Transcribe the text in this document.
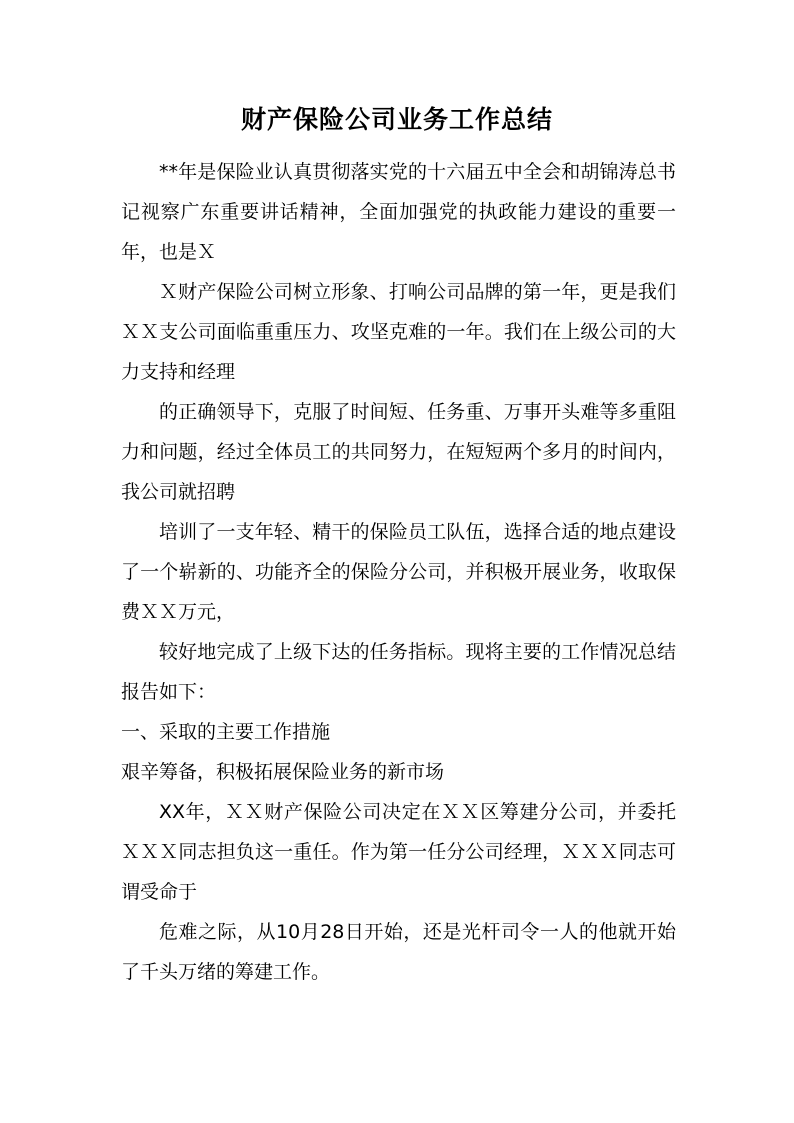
财产保险公司业务工作总结

**年是保险业认真贯彻落实党的十六届五中全会和胡锦涛总书记视察广东重要讲话精神，全面加强党的执政能力建设的重要一年，也是Ｘ

Ｘ财产保险公司树立形象、打响公司品牌的第一年，更是我们ＸＸ支公司面临重重压力、攻坚克难的一年。我们在上级公司的大力支持和经理

的正确领导下，克服了时间短、任务重、万事开头难等多重阻力和问题，经过全体员工的共同努力，在短短两个多月的时间内，我公司就招聘

培训了一支年轻、精干的保险员工队伍，选择合适的地点建设了一个崭新的、功能齐全的保险分公司，并积极开展业务，收取保费ＸＸ万元，

较好地完成了上级下达的任务指标。现将主要的工作情况总结报告如下：

一、采取的主要工作措施

艰辛筹备，积极拓展保险业务的新市场

XX年，ＸＸ财产保险公司决定在ＸＸ区筹建分公司，并委托ＸＸＸ同志担负这一重任。作为第一任分公司经理，ＸＸＸ同志可谓受命于

危难之际，从10月28日开始，还是光杆司令一人的他就开始了千头万绪的筹建工作。
